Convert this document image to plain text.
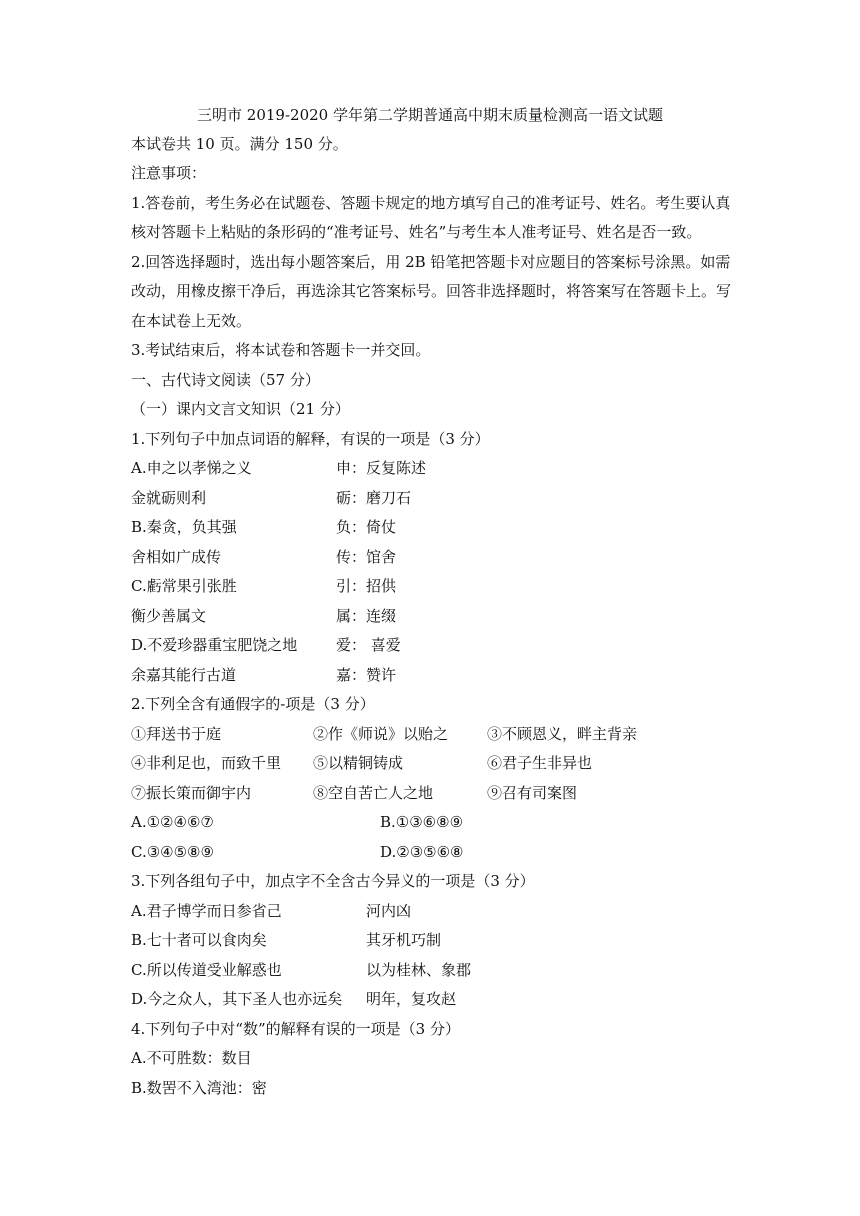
三明市 2019-2020 学年第二学期普通高中期末质量检测高一语文试题
本试卷共 10 页。满分 150 分。
注意事项：
1.答卷前，考生务必在试题卷、答题卡规定的地方填写自己的准考证号、姓名。考生要认真
核对答题卡上粘贴的条形码的“准考证号、姓名”与考生本人准考证号、姓名是否一致。
2.回答选择题时，选出每小题答案后，用 2B 铅笔把答题卡对应题目的答案标号涂黑。如需
改动，用橡皮擦干净后，再选涂其它答案标号。回答非选择题时，将答案写在答题卡上。写
在本试卷上无效。
3.考试结束后，将本试卷和答题卡一并交回。
一、古代诗文阅读（57 分）
（一）课内文言文知识（21 分）
1.下列句子中加点词语的解释，有误的一项是（3 分）
A.申之以孝悌之义	申：反复陈述
金就砺则利	砺：磨刀石
B.秦贪，负其强	负：倚仗
舍相如广成传	传：馆舍
C.虧常果引张胜	引：招供
衡少善属文	属：连缀
D.不爱珍器重宝肥饶之地	爱： 喜爱
余嘉其能行古道	嘉：赞许
2.下列全含有通假字的-项是（3 分）
①拜送书于庭	②作《师说》以贻之	③不顾恩义，畔主背亲
④非利足也，而致千里 ⑤以精铜铸成	⑥君子生非异也
⑦振长策而御宇内	⑧空自苦亡人之地	⑨召有司案图
A.①②④⑥⑦	B.①③⑥⑧⑨
C.③④⑤⑧⑨	D.②③⑤⑥⑧
3.下列各组句子中，加点字不全含古今异义的一项是（3 分）
A.君子博学而日参省己	河内凶
B.七十者可以食肉矣	其牙机巧制
C.所以传道受业解惑也	以为桂林、象郡
D.今之众人，其下圣人也亦远矣 明年，复攻赵
4.下列句子中对“数”的解释有误的一项是（3 分）
A.不可胜数：数目
B.数罟不入湾池：密
